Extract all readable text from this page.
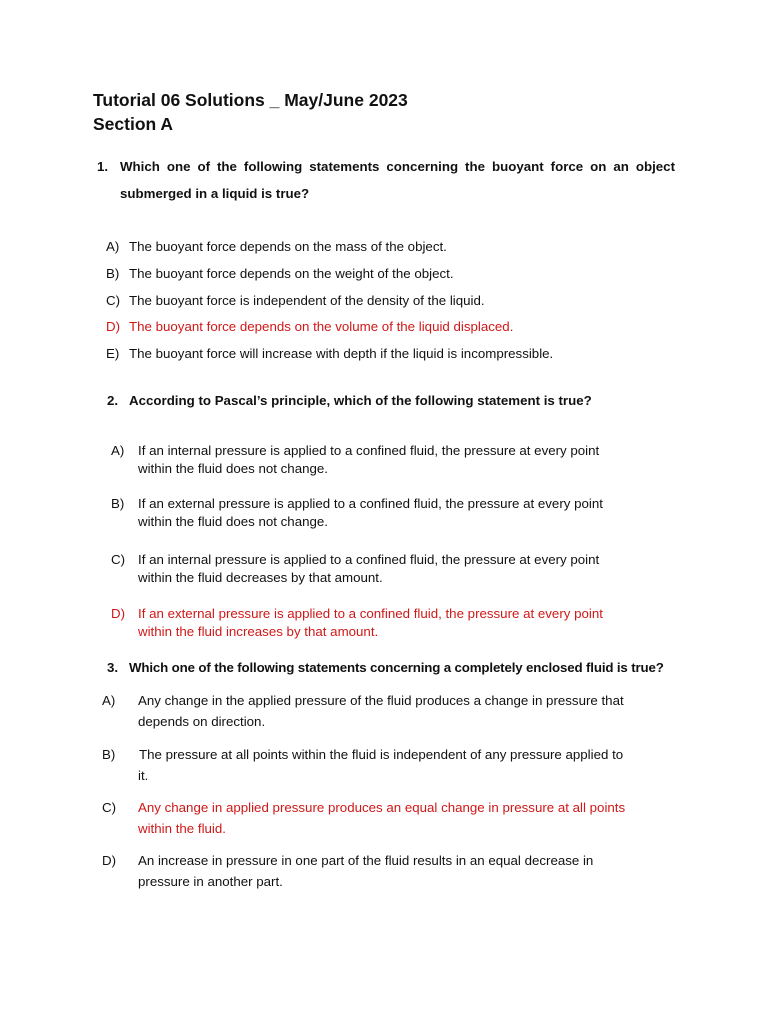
Tutorial 06 Solutions _ May/June 2023
Section A
1. Which one of the following statements concerning the buoyant force on an object
submerged in a liquid is true?
A) The buoyant force depends on the mass of the object.
B) The buoyant force depends on the weight of the object.
C) The buoyant force is independent of the density of the liquid.
D) The buoyant force depends on the volume of the liquid displaced.
E) The buoyant force will increase with depth if the liquid is incompressible.
2. According to Pascal’s principle, which of the following statement is true?
A) If an internal pressure is applied to a confined fluid, the pressure at every point
within the fluid does not change.
B) If an external pressure is applied to a confined fluid, the pressure at every point
within the fluid does not change.
C) If an internal pressure is applied to a confined fluid, the pressure at every point
within the fluid decreases by that amount.
D) If an external pressure is applied to a confined fluid, the pressure at every point
within the fluid increases by that amount.
3. Which one of the following statements concerning a completely enclosed fluid is true?
A) Any change in the applied pressure of the fluid produces a change in pressure that
depends on direction.
B) The pressure at all points within the fluid is independent of any pressure applied to
it.
C) Any change in applied pressure produces an equal change in pressure at all points
within the fluid.
D) An increase in pressure in one part of the fluid results in an equal decrease in
pressure in another part.
